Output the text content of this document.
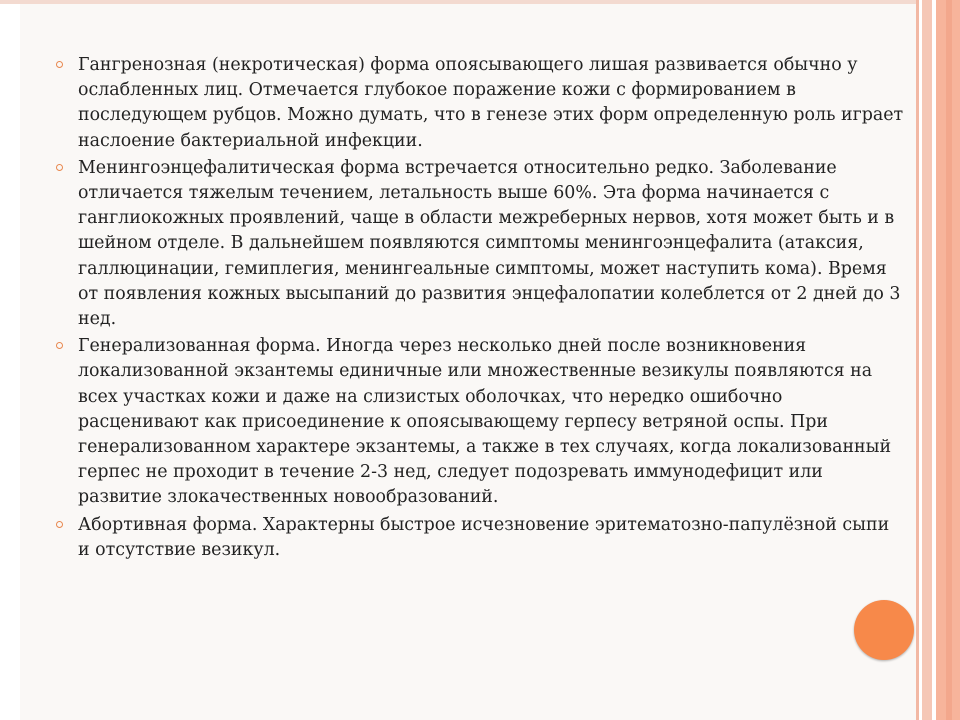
Гангренозная (некротическая) форма опоясывающего лишая развивается обычно у ослабленных лиц. Отмечается глубокое поражение кожи с формированием в последующем рубцов. Можно думать, что в генезе этих форм определенную роль играет наслоение бактериальной инфекции.
Менингоэнцефалитическая форма встречается относительно редко. Заболевание отличается тяжелым течением, летальность выше 60%. Эта форма начинается с ганглиокожных проявлений, чаще в области межреберных нервов, хотя может быть и в шейном отделе. В дальнейшем появляются симптомы менингоэнцефалита (атаксия, галлюцинации, гемиплегия, менингеальные симптомы, может наступить кома). Время от появления кожных высыпаний до развития энцефалопатии колеблется от 2 дней до 3 нед.
Генерализованная форма. Иногда через несколько дней после возникновения локализованной экзантемы единичные или множественные везикулы появляются на всех участках кожи и даже на слизистых оболочках, что нередко ошибочно расценивают как присоединение к опоясывающему герпесу ветряной оспы. При генерализованном характере экзантемы, а также в тех случаях, когда локализованный герпес не проходит в течение 2-3 нед, следует подозревать иммунодефицит или развитие злокачественных новообразований.
Абортивная форма. Характерны быстрое исчезновение эритематозно-папулёзной сыпи и отсутствие везикул.
